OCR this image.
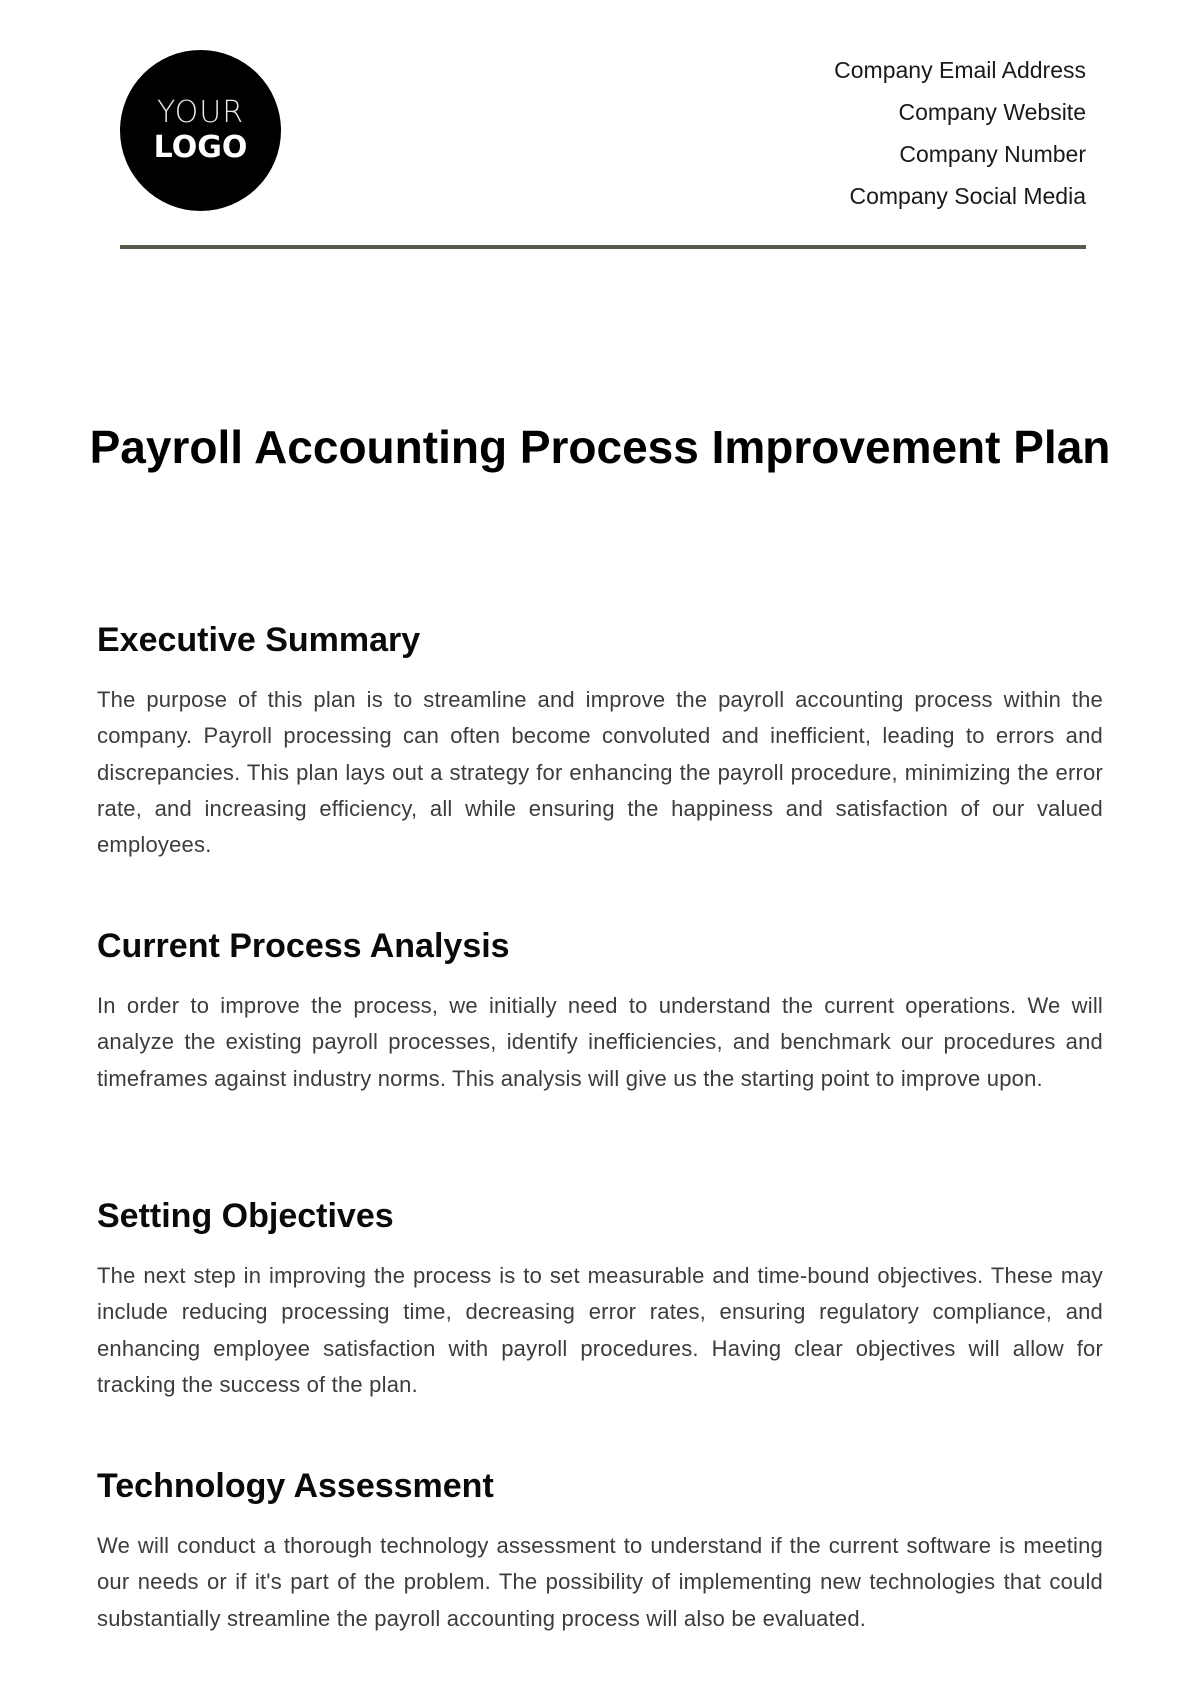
YOUR
LOGO
Company Email Address
Company Website
Company Number
Company Social Media
Payroll Accounting Process Improvement Plan
Executive Summary

The purpose of this plan is to streamline and improve the payroll accounting process within the company. Payroll processing can often become convoluted and inefficient, leading to errors and discrepancies. This plan lays out a strategy for enhancing the payroll procedure, minimizing the error rate, and increasing efficiency, all while ensuring the happiness and satisfaction of our valued employees.

Current Process Analysis

In order to improve the process, we initially need to understand the current operations. We will analyze the existing payroll processes, identify inefficiencies, and benchmark our procedures and timeframes against industry norms. This analysis will give us the starting point to improve upon.

Setting Objectives

The next step in improving the process is to set measurable and time-bound objectives. These may include reducing processing time, decreasing error rates, ensuring regulatory compliance, and enhancing employee satisfaction with payroll procedures. Having clear objectives will allow for tracking the success of the plan.

Technology Assessment

We will conduct a thorough technology assessment to understand if the current software is meeting our needs or if it's part of the problem. The possibility of implementing new technologies that could substantially streamline the payroll accounting process will also be evaluated.
